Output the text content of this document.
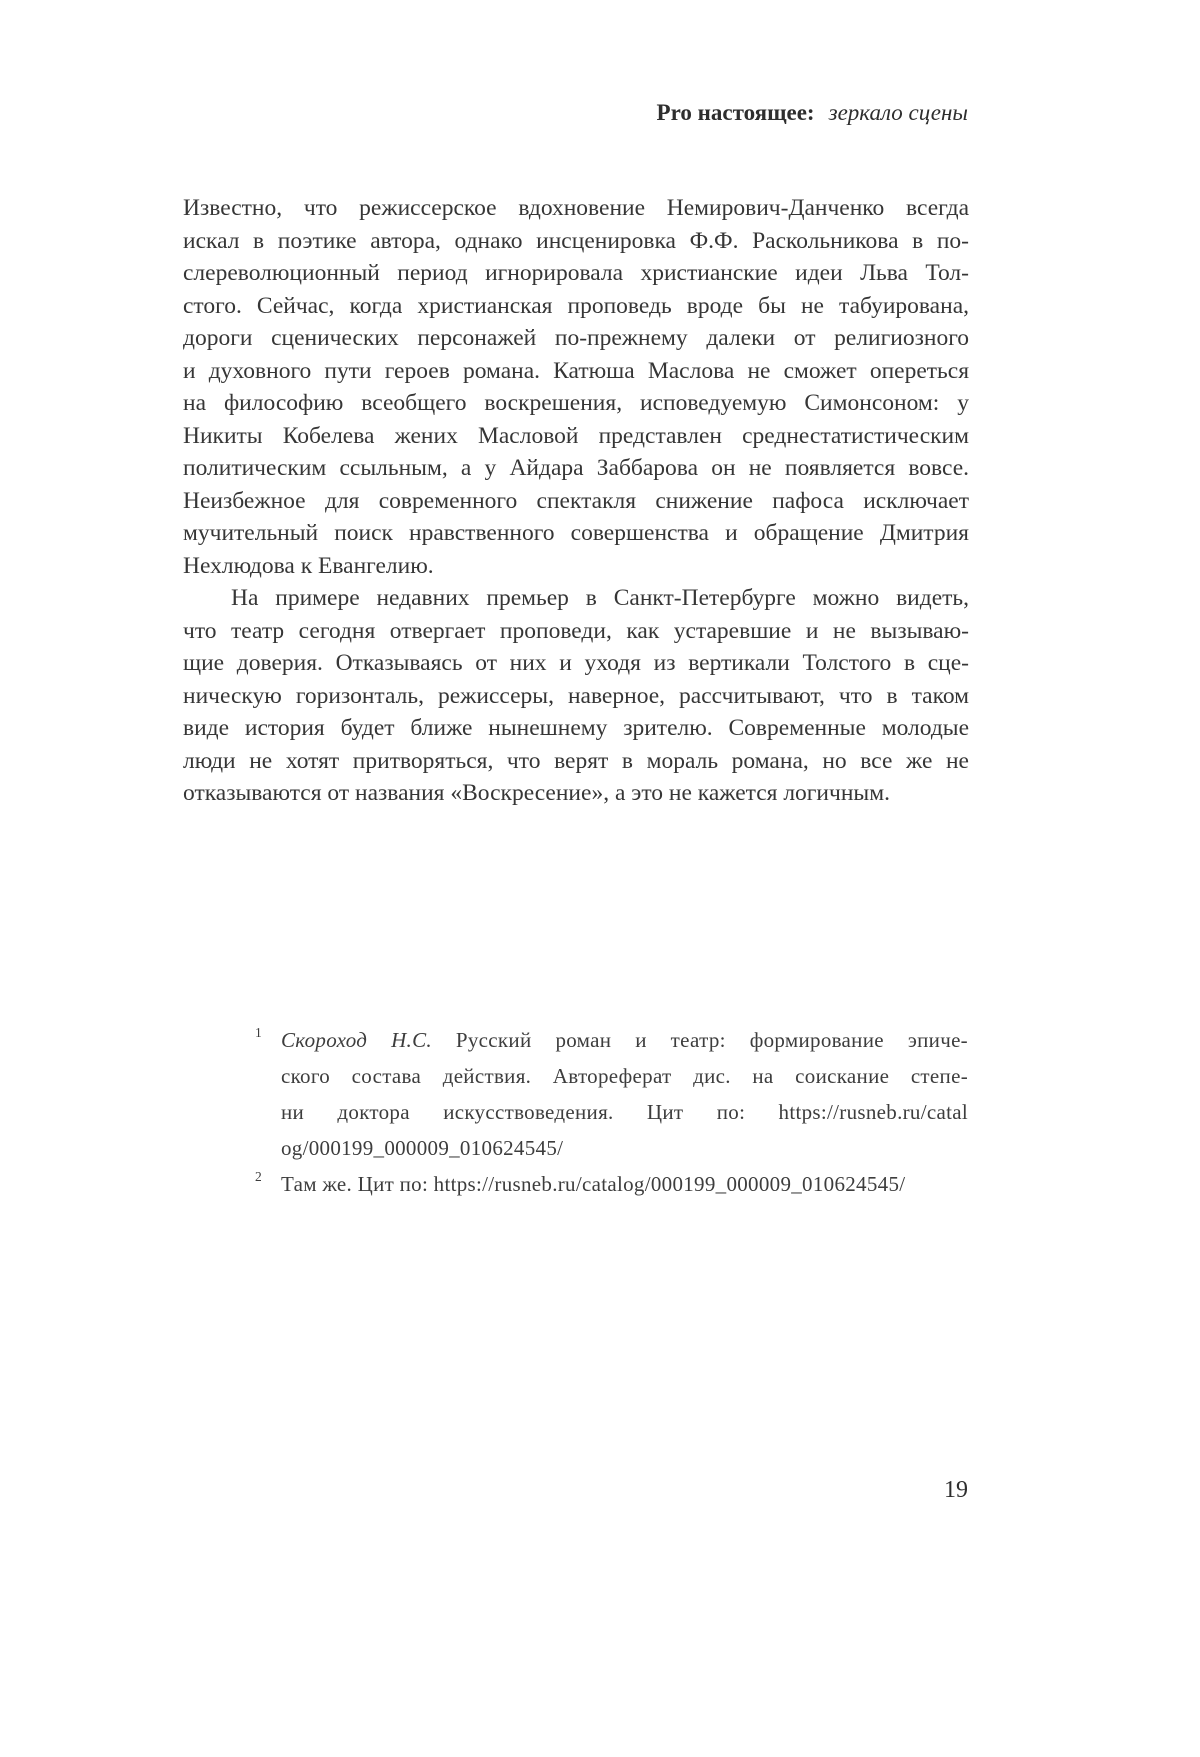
Pro настоящее: зеркало сцены
Известно, что режиссерское вдохновение Немирович-Данченко всегда
искал в поэтике автора, однако инсценировка Ф.Ф. Раскольникова в по-
слереволюционный период игнорировала христианские идеи Льва Тол-
стого. Сейчас, когда христианская проповедь вроде бы не табуирована,
дороги сценических персонажей по-прежнему далеки от религиозного
и духовного пути героев романа. Катюша Маслова не сможет опереться
на философию всеобщего воскрешения, исповедуемую Симонсоном: у
Никиты Кобелева жених Масловой представлен среднестатистическим
политическим ссыльным, а у Айдара Заббарова он не появляется вовсе.
Неизбежное для современного спектакля снижение пафоса исключает
мучительный поиск нравственного совершенства и обращение Дмитрия
Нехлюдова к Евангелию.
На примере недавних премьер в Санкт-Петербурге можно видеть,
что театр сегодня отвергает проповеди, как устаревшие и не вызываю-
щие доверия. Отказываясь от них и уходя из вертикали Толстого в сце-
ническую горизонталь, режиссеры, наверное, рассчитывают, что в таком
виде история будет ближе нынешнему зрителю. Современные молодые
люди не хотят притворяться, что верят в мораль романа, но все же не
отказываются от названия «Воскресение», а это не кажется логичным.
1 Скороход Н.С. Русский роман и театр: формирование эпиче-
ского состава действия. Автореферат дис. на соискание степе-
ни доктора искусствоведения. Цит по: https://rusneb.ru/catal
og/000199_000009_010624545/
2 Там же. Цит по: https://rusneb.ru/catalog/000199_000009_010624545/
19
